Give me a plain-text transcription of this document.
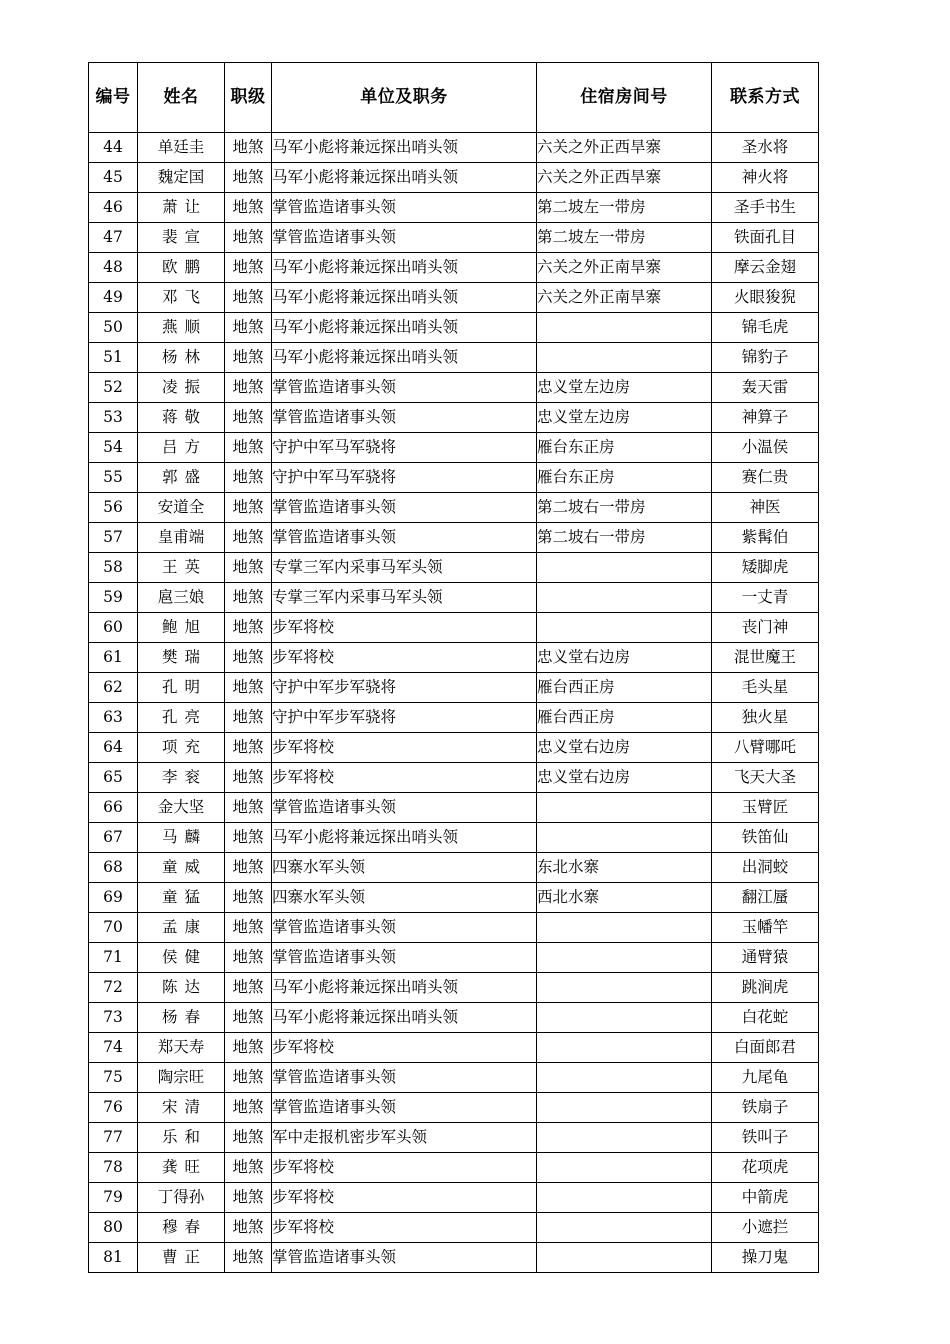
编号	姓名	职级	单位及职务	住宿房间号	联系方式
44	单廷圭	地煞	马军小彪将兼远探出哨头领	六关之外正西旱寨	圣水将
45	魏定国	地煞	马军小彪将兼远探出哨头领	六关之外正西旱寨	神火将
46	萧让	地煞	掌管监造诸事头领	第二坡左一带房	圣手书生
47	裴宣	地煞	掌管监造诸事头领	第二坡左一带房	铁面孔目
48	欧鹏	地煞	马军小彪将兼远探出哨头领	六关之外正南旱寨	摩云金翅
49	邓飞	地煞	马军小彪将兼远探出哨头领	六关之外正南旱寨	火眼狻猊
50	燕顺	地煞	马军小彪将兼远探出哨头领		锦毛虎
51	杨林	地煞	马军小彪将兼远探出哨头领		锦豹子
52	凌振	地煞	掌管监造诸事头领	忠义堂左边房	轰天雷
53	蒋敬	地煞	掌管监造诸事头领	忠义堂左边房	神算子
54	吕方	地煞	守护中军马军骁将	雁台东正房	小温侯
55	郭盛	地煞	守护中军马军骁将	雁台东正房	赛仁贵
56	安道全	地煞	掌管监造诸事头领	第二坡右一带房	神医
57	皇甫端	地煞	掌管监造诸事头领	第二坡右一带房	紫髯伯
58	王英	地煞	专掌三军内采事马军头领		矮脚虎
59	扈三娘	地煞	专掌三军内采事马军头领		一丈青
60	鲍旭	地煞	步军将校		丧门神
61	樊瑞	地煞	步军将校	忠义堂右边房	混世魔王
62	孔明	地煞	守护中军步军骁将	雁台西正房	毛头星
63	孔亮	地煞	守护中军步军骁将	雁台西正房	独火星
64	项充	地煞	步军将校	忠义堂右边房	八臂哪吒
65	李衮	地煞	步军将校	忠义堂右边房	飞天大圣
66	金大坚	地煞	掌管监造诸事头领		玉臂匠
67	马麟	地煞	马军小彪将兼远探出哨头领		铁笛仙
68	童威	地煞	四寨水军头领	东北水寨	出洞蛟
69	童猛	地煞	四寨水军头领	西北水寨	翻江蜃
70	孟康	地煞	掌管监造诸事头领		玉幡竿
71	侯健	地煞	掌管监造诸事头领		通臂猿
72	陈达	地煞	马军小彪将兼远探出哨头领		跳涧虎
73	杨春	地煞	马军小彪将兼远探出哨头领		白花蛇
74	郑天寿	地煞	步军将校		白面郎君
75	陶宗旺	地煞	掌管监造诸事头领		九尾龟
76	宋清	地煞	掌管监造诸事头领		铁扇子
77	乐和	地煞	军中走报机密步军头领		铁叫子
78	龚旺	地煞	步军将校		花项虎
79	丁得孙	地煞	步军将校		中箭虎
80	穆春	地煞	步军将校		小遮拦
81	曹正	地煞	掌管监造诸事头领		操刀鬼
